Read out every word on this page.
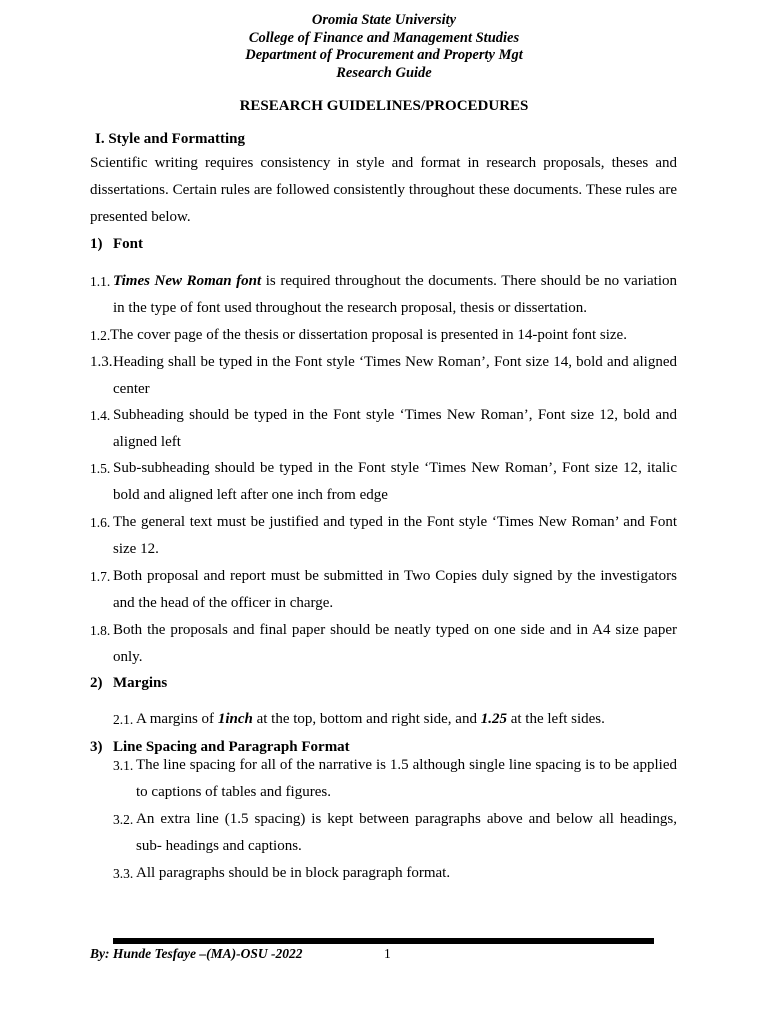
Oromia State University
College of Finance and Management Studies
Department of Procurement and Property Mgt
Research Guide
RESEARCH GUIDELINES/PROCEDURES
I. Style and Formatting
Scientific writing requires consistency in style and format in research proposals, theses and dissertations. Certain rules are followed consistently throughout these documents. These rules are presented below.
1) Font
1.1. Times New Roman font is required throughout the documents. There should be no variation in the type of font used throughout the research proposal, thesis or dissertation.
1.2. The cover page of the thesis or dissertation proposal is presented in 14-point font size.
1.3. Heading shall be typed in the Font style ‘Times New Roman’, Font size 14, bold and aligned center
1.4. Subheading should be typed in the Font style ‘Times New Roman’, Font size 12, bold and aligned left
1.5. Sub-subheading should be typed in the Font style ‘Times New Roman’, Font size 12, italic bold and aligned left after one inch from edge
1.6. The general text must be justified and typed in the Font style ‘Times New Roman’ and Font size 12.
1.7. Both proposal and report must be submitted in Two Copies duly signed by the investigators and the head of the officer in charge.
1.8. Both the proposals and final paper should be neatly typed on one side and in A4 size paper only.
2) Margins
2.1. A margins of 1inch at the top, bottom and right side, and 1.25 at the left sides.
3) Line Spacing and Paragraph Format
3.1. The line spacing for all of the narrative is 1.5 although single line spacing is to be applied to captions of tables and figures.
3.2. An extra line (1.5 spacing) is kept between paragraphs above and below all headings, sub- headings and captions.
3.3. All paragraphs should be in block paragraph format.
By: Hunde Tesfaye –(MA)-OSU -2022	1
